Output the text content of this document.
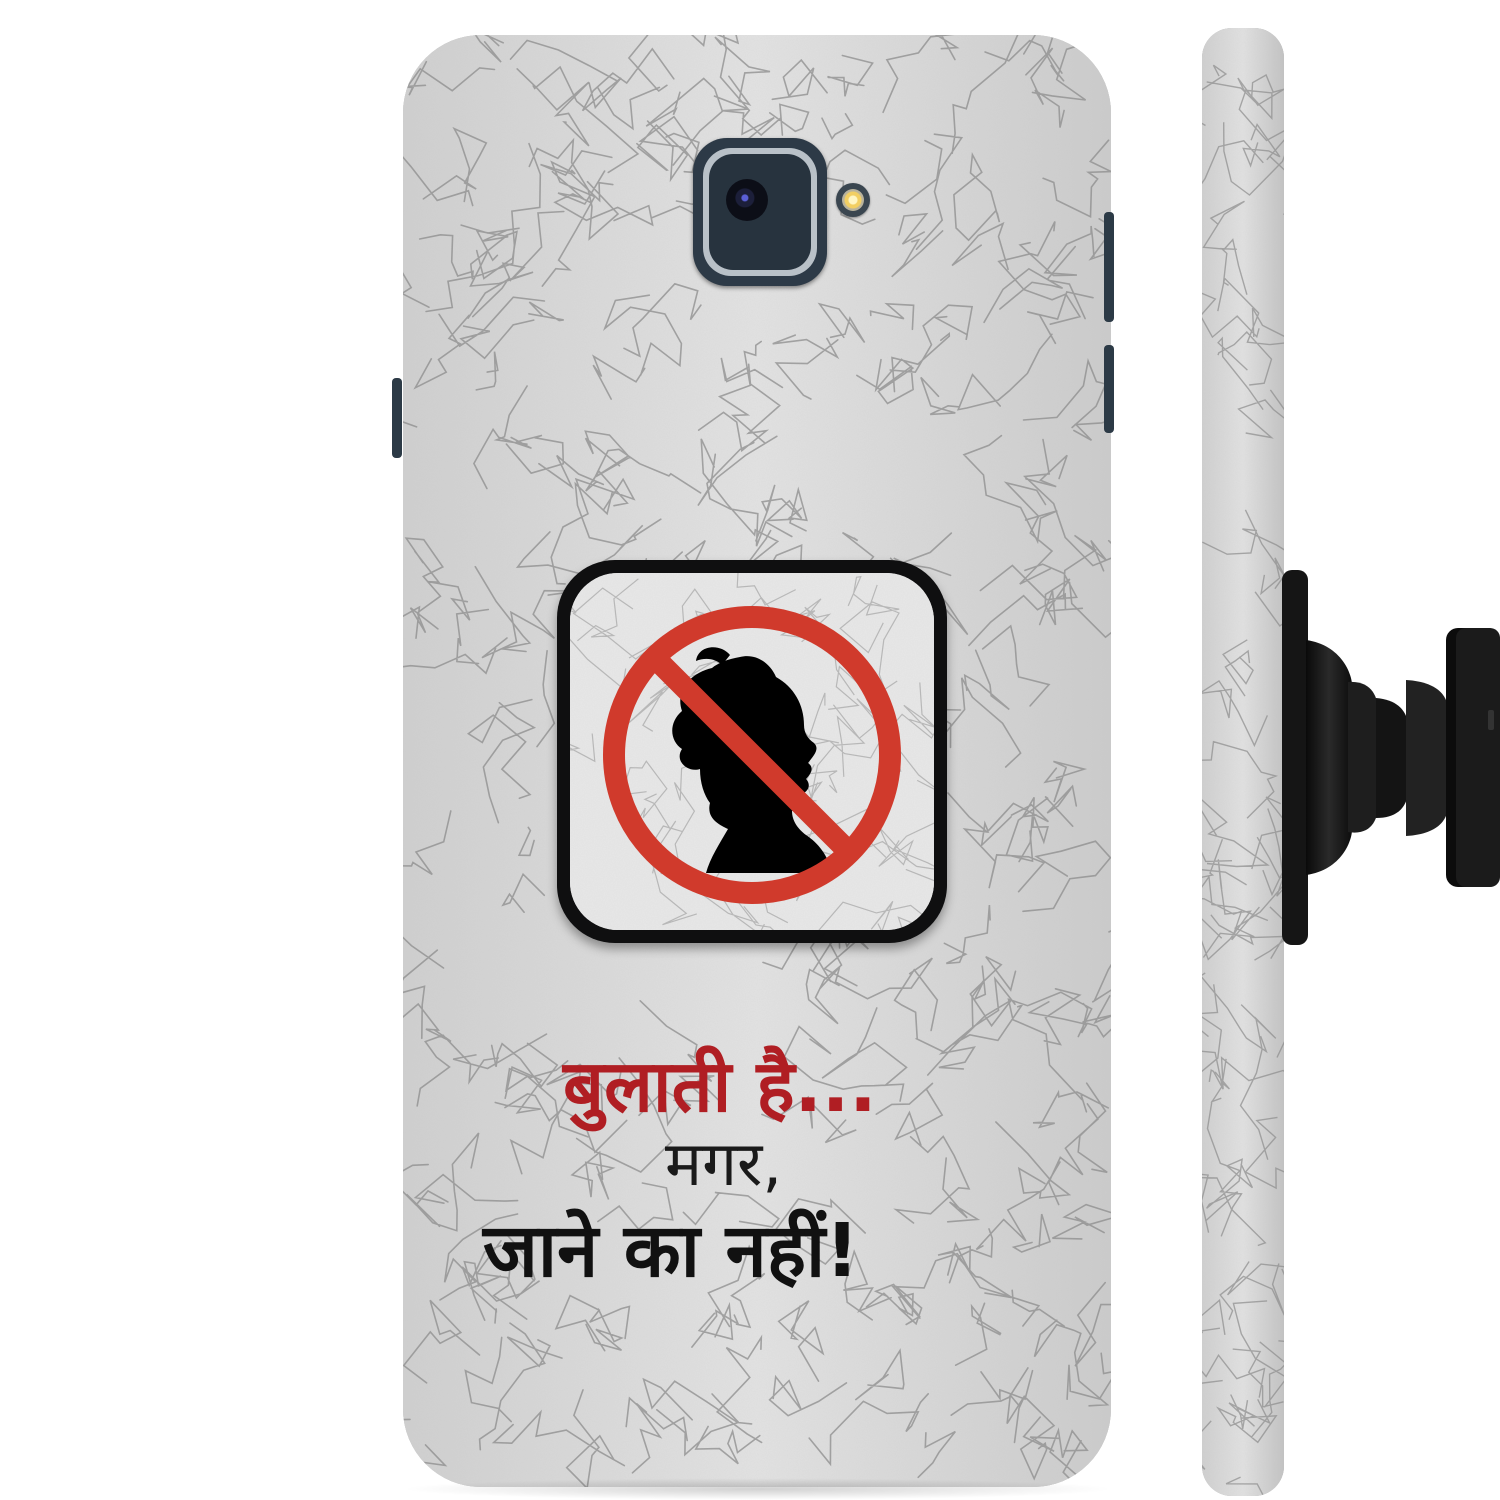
बुलाती है...
मगर,
जाने का नहीं!
